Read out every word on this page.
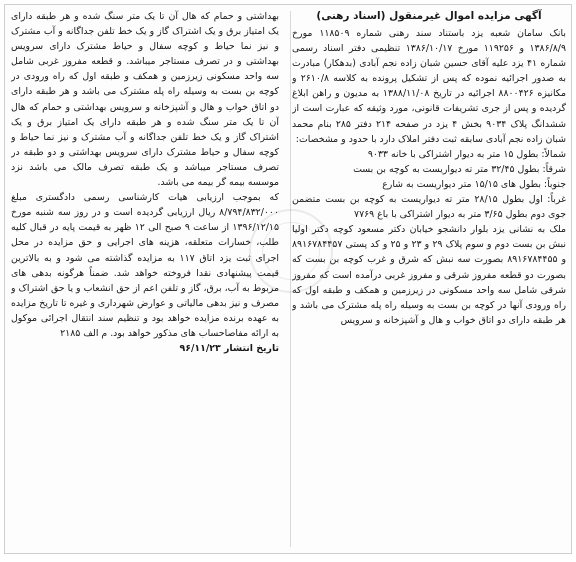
آگهی مزایده اموال غیرمنقول (اسناد رهنی)

بانک سامان شعبه یزد باستناد سند رهنی شماره ۱۱۸۵۰۹ مورخ ۱۳۸۶/۸/۹ و ۱۱۹۲۵۶ مورخ ۱۳۸۶/۱۰/۱۷ تنظیمی دفتر اسناد رسمی شماره ۴۱ یزد علیه آقای حسین شبان زاده نجم آبادی (بدهکار) مبادرت به صدور اجرائیه نموده که پس از تشکیل پرونده به کلاسه ۲۶۱۰/۸ و مکانیزه ۸۸۰۰۴۲۶ اجرائیه در تاریخ ۱۳۸۸/۱۱/۰۸ به مدیون و راهن ابلاغ گردیده و پس از جری تشریفات قانونی، مورد وثیقه که عبارت است از ششدانگ پلاک ۹۰۳۴ بخش ۴ یزد در صفحه ۲۱۴ دفتر ۲۸۵ بنام محمد شبان زاده نجم آبادی سابقه ثبت دفتر املاک دارد با حدود و مشخصات:

شمالاً: بطول ۱۵ متر به دیوار اشتراکی با خانه ۹۰۳۳

شرقاً: بطول ۳۲/۴۵ متر ته دیواریست به کوچه بن بست

جنوباً: بطول های ۱۵/۱۵ متر دیواریست به شارع

غرباً: اول بطول ۲۸/۱۵ متر ته دیواریست به کوچه بن بست متضمن جوی دوم بطول ۳/۶۵ متر به دیوار اشتراکی با باغ ۷۷۶۹

ملک به نشانی یزد بلوار دانشجو خیابان دکتر مسعود کوچه دکتر اولیا نبش بن بست دوم و سوم پلاک ۲۹ و ۲۳ و ۲۵ و کد پستی ۸۹۱۶۷۸۴۴۵۷ و ۸۹۱۶۷۸۴۴۵۵ بصورت سه نبش که شرق و غرب کوچه بن بست که بصورت دو قطعه مفروز شرقی و مفروز غربی درآمده است که مفروز شرقی شامل سه واحد مسکونی در زیرزمین و همکف و طبقه اول که راه ورودی آنها در کوچه بن بست به وسیله راه پله مشترک می باشد و هر طبقه دارای دو اتاق خواب و هال و آشپزخانه و سرویس

بهداشتی و حمام که هال آن تا یک متر سنگ شده و هر طبقه دارای یک امتیاز برق و یک اشتراک گاز و یک خط تلفن جداگانه و آب مشترک و نیز نما حیاط و کوچه سفال و حیاط مشترک دارای سرویس بهداشتی و در تصرف مستاجر میباشد. و قطعه مفروز غربی شامل سه واحد مسکونی زیرزمین و همکف و طبقه اول که راه ورودی در کوچه بن بست به وسیله راه پله مشترک می باشد و هر طبقه دارای دو اتاق خواب و هال و آشپزخانه و سرویس بهداشتی و حمام که هال آن تا یک متر سنگ شده و هر طبقه دارای یک امتیاز برق و یک اشتراک گاز و یک خط تلفن جداگانه و آب مشترک و نیز نما حیاط و کوچه سفال و حیاط مشترک دارای سرویس بهداشتی و دو طبقه در تصرف مستاجر میباشد و یک طبقه تصرف مالک می باشد نزد موسسه بیمه گر بیمه می باشد.

که بموجب ارزیابی هیات کارشناسی رسمی دادگستری مبلغ ۸/۷۹۴/۸۳۲/۰۰۰ ریال ارزیابی گردیده است و در روز سه شنبه مورخ ۱۳۹۶/۱۲/۱۵ از ساعت ۹ صبح الی ۱۲ ظهر به قیمت پایه در قبال کلیه طلب، خسارات متعلقه، هزینه های اجرایی و حق مزایده در محل اجرای ثبت یزد اتاق ۱۱۷ به مزایده گذاشته می شود و به بالاترین قیمت پیشنهادی نقدا فروخته خواهد شد. ضمناً هرگونه بدهی های مربوط به آب، برق، گاز و تلفن اعم از حق انشعاب و یا حق اشتراک و مصرف و نیز بدهی مالیاتی و عوارض شهرداری و غیره تا تاریخ مزایده به عهده برنده مزایده خواهد بود و تنظیم سند انتقال اجرائی موکول به ارائه مفاصاحساب های مذکور خواهد بود. م الف ۲۱۸۵

تاریخ انتشار ۹۶/۱۱/۲۳
